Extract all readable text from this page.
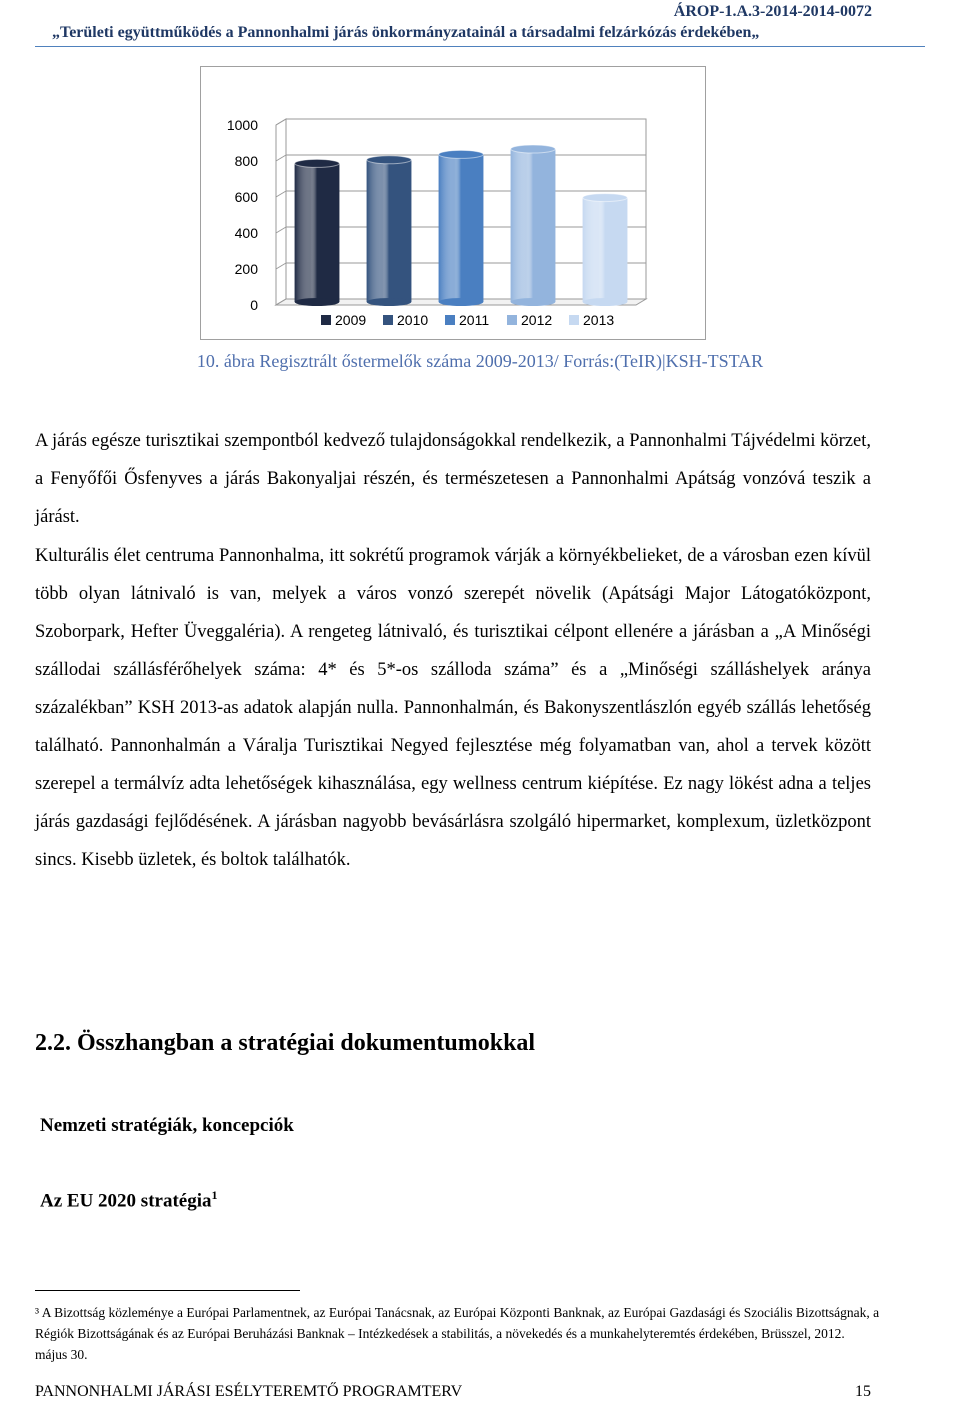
ÁROP-1.A.3-2014-2014-0072
„Területi együttműködés a Pannonhalmi járás önkormányzatainál a társadalmi felzárkózás érdekében„
1000
800
600
400
200
0
2009 2010 2011 2012 2013
10. ábra Regisztrált őstermelők száma 2009-2013/ Forrás:(TeIR)|KSH-TSTAR
A járás egésze turisztikai szempontból kedvező tulajdonságokkal rendelkezik, a Pannonhalmi Tájvédelmi körzet, a Fenyőfői Ősfenyves a járás Bakonyaljai részén, és természetesen a Pannonhalmi Apátság vonzóvá teszik a járást.
Kulturális élet centruma Pannonhalma, itt sokrétű programok várják a környékbelieket, de a városban ezen kívül több olyan látnivaló is van, melyek a város vonzó szerepét növelik (Apátsági Major Látogatóközpont, Szoborpark, Hefter Üveggaléria). A rengeteg látnivaló, és turisztikai célpont ellenére a járásban a „A Minőségi szállodai szállásférőhelyek száma: 4* és 5*-os szálloda száma” és a „Minőségi szálláshelyek aránya százalékban” KSH 2013-as adatok alapján nulla. Pannonhalmán, és Bakonyszentlászlón egyéb szállás lehetőség található. Pannonhalmán a Váralja Turisztikai Negyed fejlesztése még folyamatban van, ahol a tervek között szerepel a termálvíz adta lehetőségek kihasználása, egy wellness centrum kiépítése. Ez nagy lökést adna a teljes járás gazdasági fejlődésének. A járásban nagyobb bevásárlásra szolgáló hipermarket, komplexum, üzletközpont sincs. Kisebb üzletek, és boltok találhatók.
2.2. Összhangban a stratégiai dokumentumokkal
Nemzeti stratégiák, koncepciók
Az EU 2020 stratégia$^1$
³ A Bizottság közleménye a Európai Parlamentnek, az Európai Tanácsnak, az Európai Központi Banknak, az Európai Gazdasági és Szociális Bizottságnak, a Régiók Bizottságának és az Európai Beruházási Banknak – Intézkedések a stabilitás, a növekedés és a munkahelyteremtés érdekében, Brüsszel, 2012. május 30.
PANNONHALMI JÁRÁSI ESÉLYTEREMTŐ PROGRAMTERV	15
